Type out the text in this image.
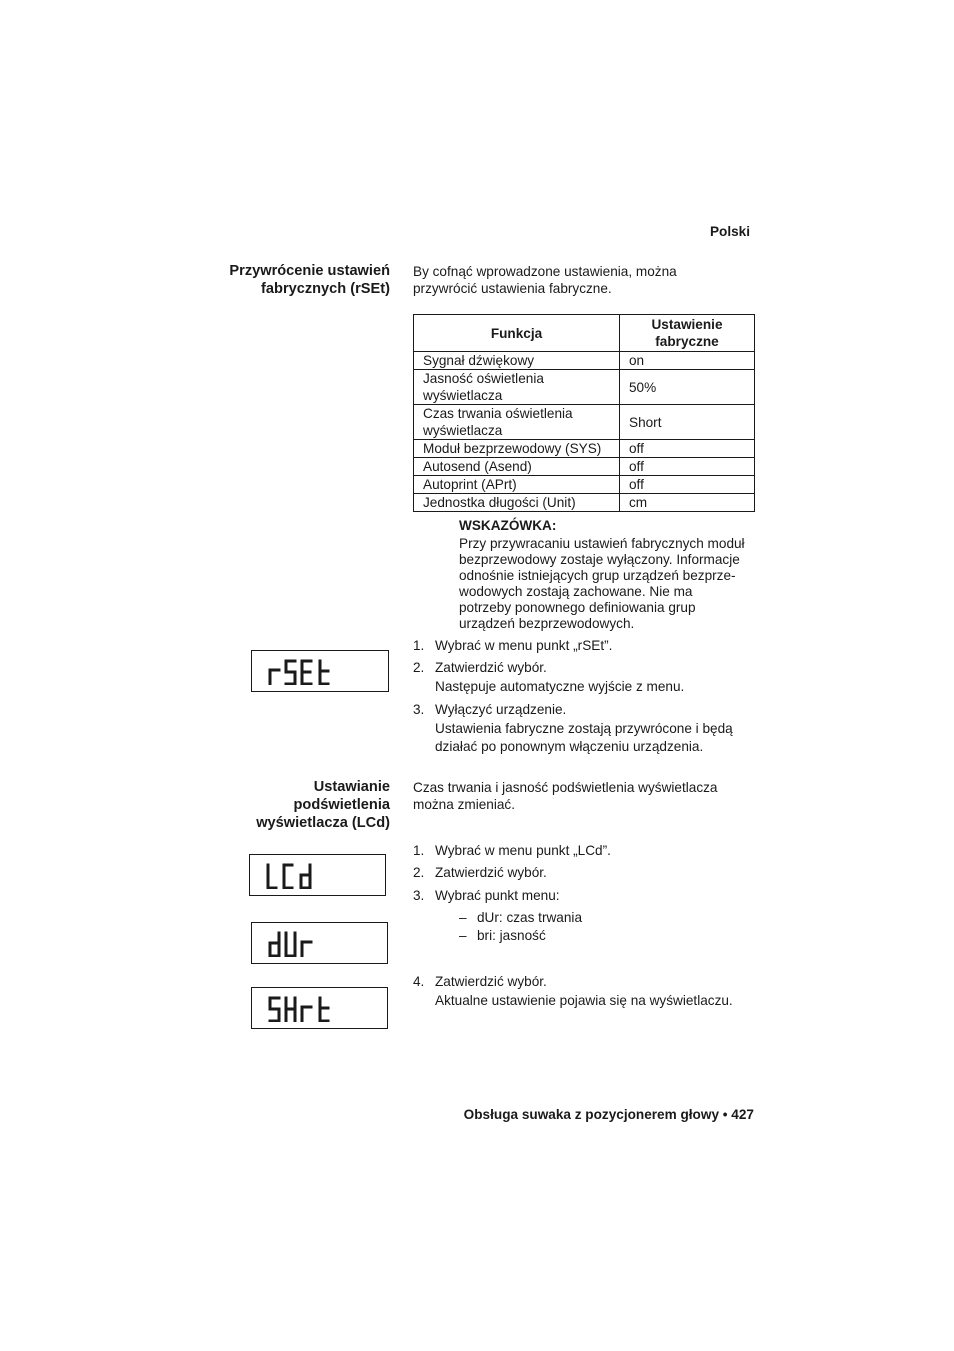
Polski
Przywrócenie ustawień
fabrycznych (rSEt)
By cofnąć wprowadzone ustawienia, można
przywrócić ustawienia fabryczne.
Funkcja	Ustawienie
fabryczne

Sygnał dźwiękowy	on

Jasność oświetlenia
wyświetlacza	50%

Czas trwania oświetlenia
wyświetlacza	Short
Moduł bezprzewodowy (SYS)	off
Autosend (Asend)	off
Autoprint (APrt)	off
Jednostka długości (Unit)	cm
WSKAZÓWKA:
Przy przywracaniu ustawień fabrycznych moduł
bezprzewodowy zostaje wyłączony. Informacje
odnośnie istniejących grup urządzeń bezprze-
wodowych zostają zachowane. Nie ma
potrzeby ponownego definiowania grup
urządzeń bezprzewodowych.
1. Wybrać w menu punkt „rSEt”.
2. Zatwierdzić wybór.
Następuje automatyczne wyjście z menu.
3. Wyłączyć urządzenie.
Ustawienia fabryczne zostają przywrócone i będą
działać po ponownym włączeniu urządzenia.
Ustawianie
podświetlenia
wyświetlacza (LCd)
Czas trwania i jasność podświetlenia wyświetlacza
można zmieniać.
1. Wybrać w menu punkt „LCd”.
2. Zatwierdzić wybór.
3. Wybrać punkt menu:
– dUr: czas trwania
– bri: jasność
4. Zatwierdzić wybór.
Aktualne ustawienie pojawia się na wyświetlaczu.
Obsługa suwaka z pozycjonerem głowy • 427
